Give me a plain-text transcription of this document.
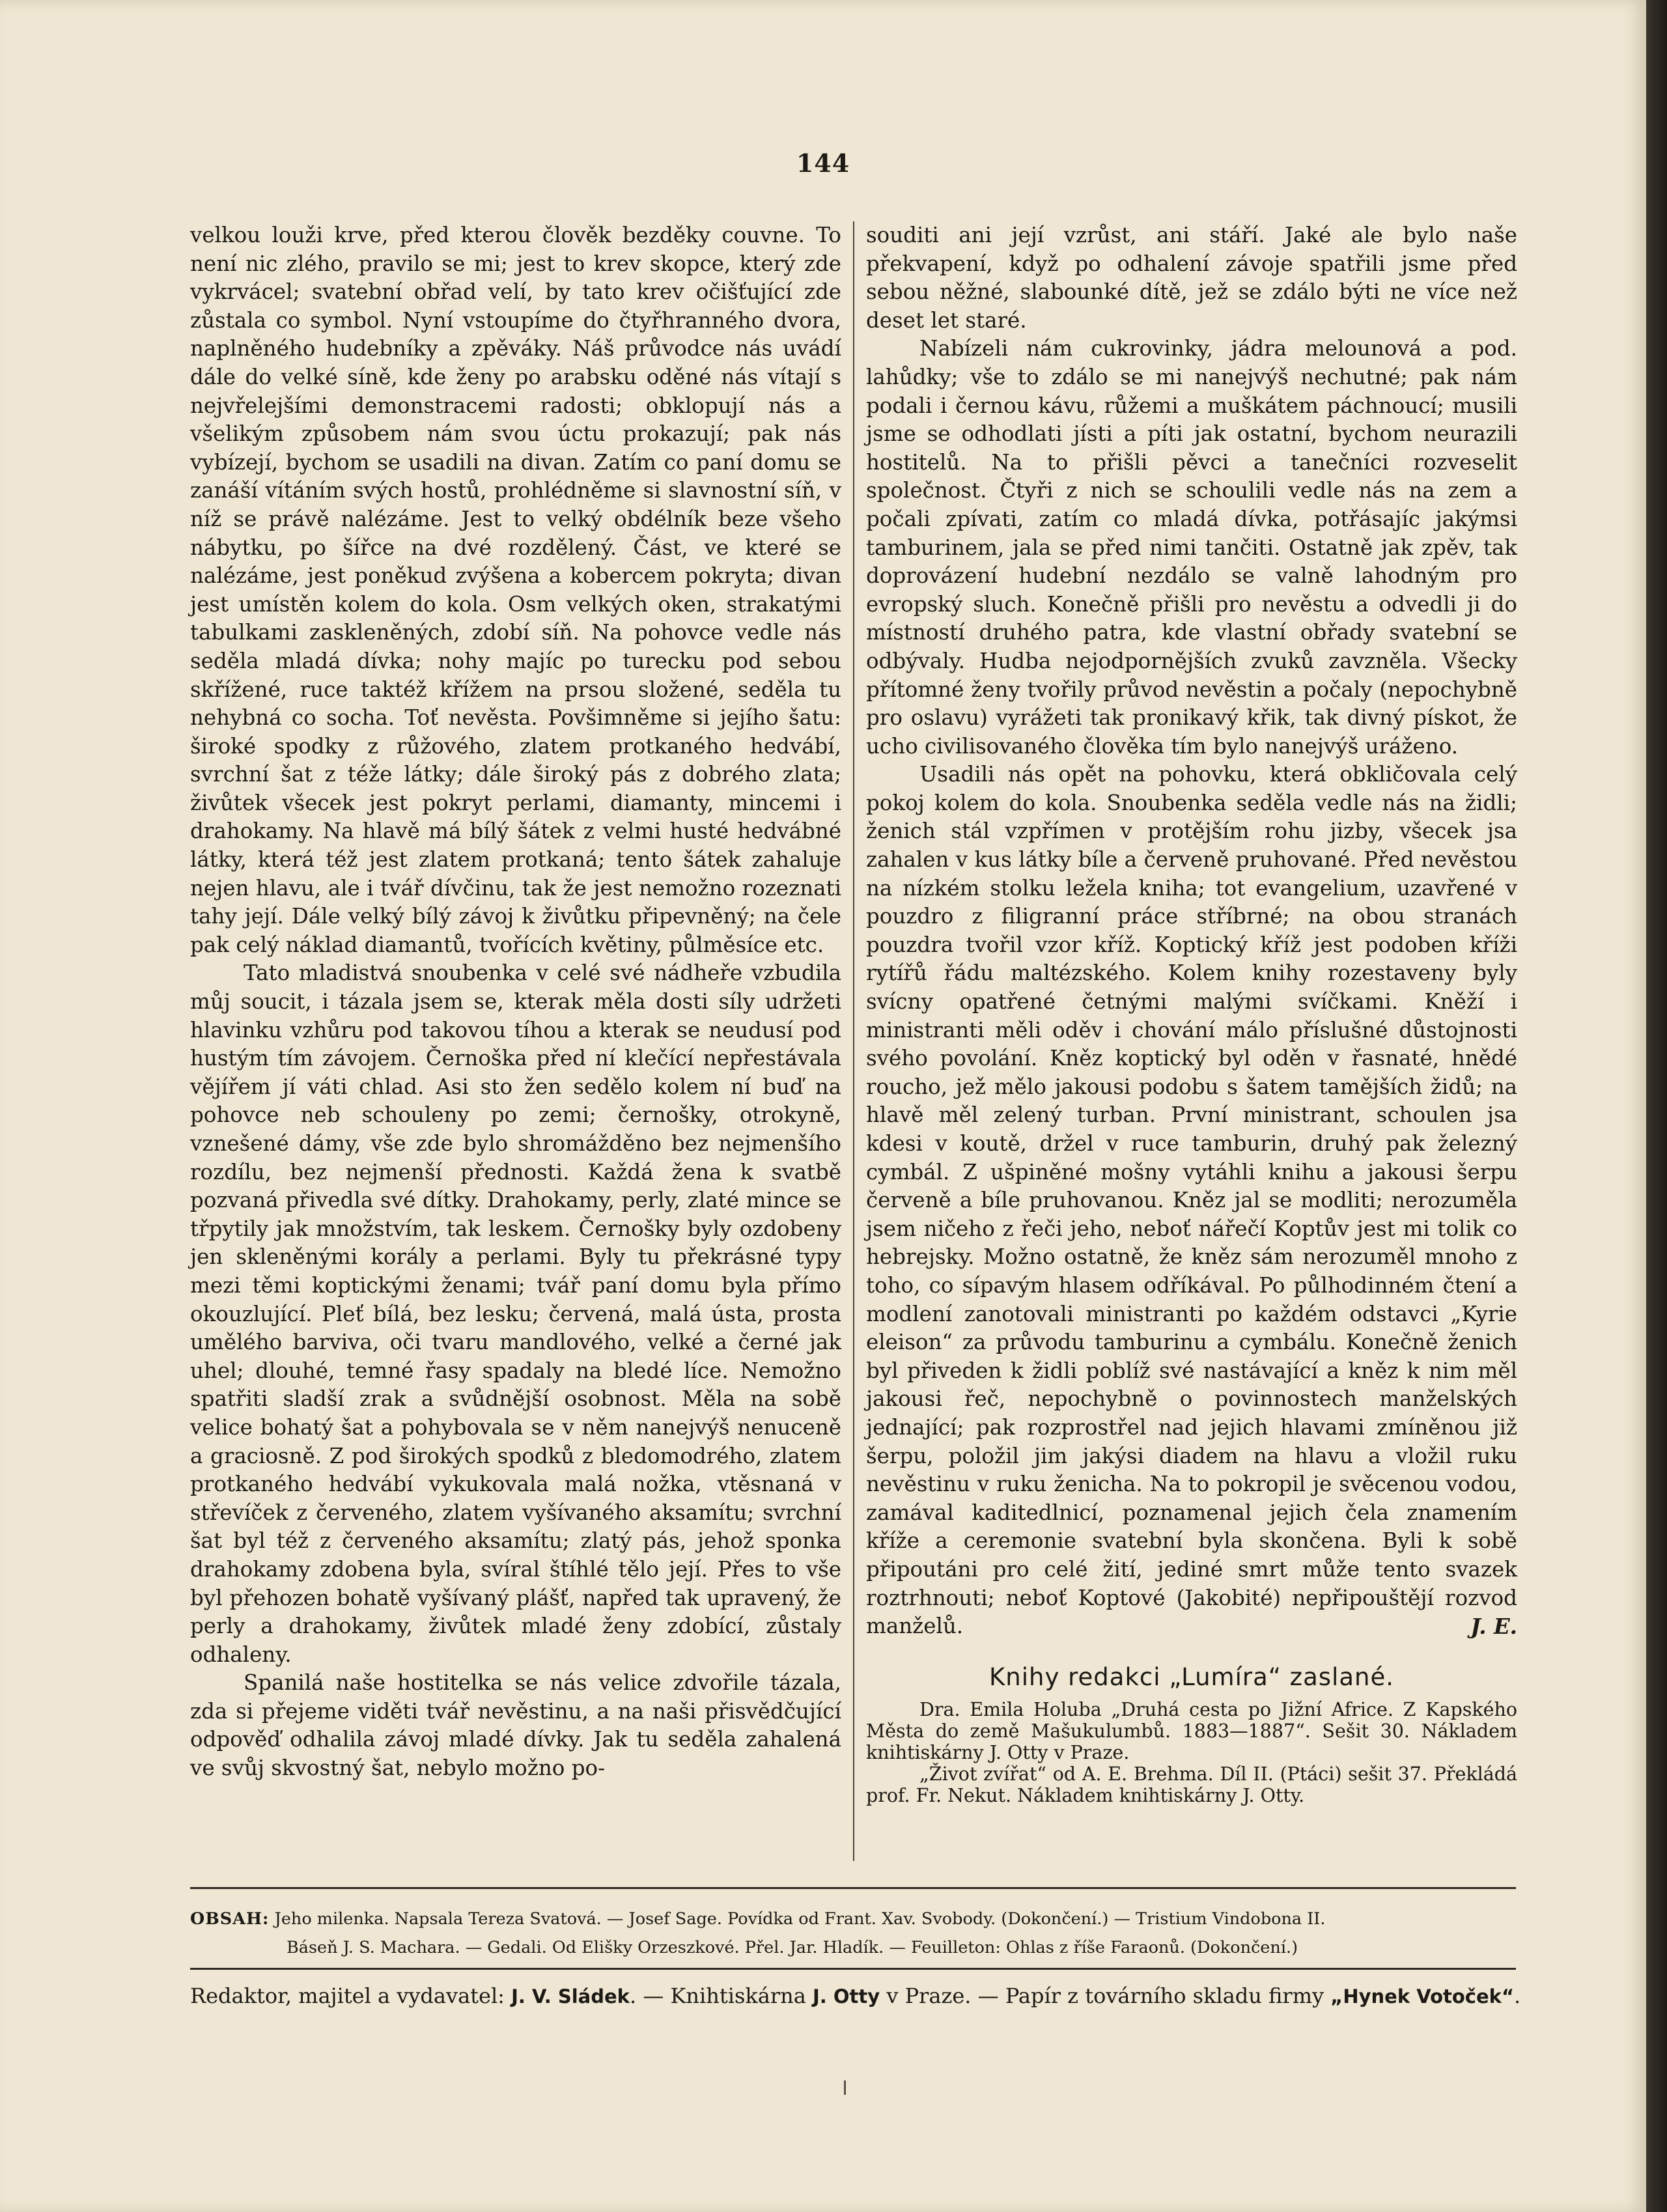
144

velkou louži krve, před kterou člověk bezděky couvne. To není nic zlého, pravilo se mi; jest to krev skopce, který zde vykrvácel; svatební obřad velí, by tato krev očišťující zde zůstala co symbol. Nyní vstoupíme do čtyřhranného dvora, naplněného hudebníky a zpěváky. Náš průvodce nás uvádí dále do velké síně, kde ženy po arabsku oděné nás vítají s nejvřelejšími demonstracemi radosti; obklopují nás a všelikým způsobem nám svou úctu prokazují; pak nás vybízejí, bychom se usadili na divan. Zatím co paní domu se zanáší vítáním svých hostů, prohlédněme si slavnostní síň, v níž se právě nalézáme. Jest to velký obdélník beze všeho nábytku, po šířce na dvé rozdělený. Část, ve které se nalézáme, jest poněkud zvýšena a kobercem pokryta; divan jest umístěn kolem do kola. Osm velkých oken, strakatými tabulkami zaskleněných, zdobí síň. Na pohovce vedle nás seděla mladá dívka; nohy majíc po turecku pod sebou skřížené, ruce taktéž křížem na prsou složené, seděla tu nehybná co socha. Toť nevěsta. Povšimněme si jejího šatu: široké spodky z růžového, zlatem protkaného hedvábí, svrchní šat z téže látky; dále široký pás z dobrého zlata; živůtek všecek jest pokryt perlami, diamanty, mincemi i drahokamy. Na hlavě má bílý šátek z velmi husté hedvábné látky, která též jest zlatem protkaná; tento šátek zahaluje nejen hlavu, ale i tvář dívčinu, tak že jest nemožno rozeznati tahy její. Dále velký bílý závoj k živůtku připevněný; na čele pak celý náklad diamantů, tvořících květiny, půlměsíce etc.

Tato mladistvá snoubenka v celé své nádheře vzbudila můj soucit, i tázala jsem se, kterak měla dosti síly udržeti hlavinku vzhůru pod takovou tíhou a kterak se neudusí pod hustým tím závojem. Černoška před ní klečící nepřestávala vějířem jí váti chlad. Asi sto žen sedělo kolem ní buď na pohovce neb schouleny po zemi; černošky, otrokyně, vznešené dámy, vše zde bylo shromážděno bez nejmenšího rozdílu, bez nejmenší přednosti. Každá žena k svatbě pozvaná přivedla své dítky. Drahokamy, perly, zlaté mince se třpytily jak množstvím, tak leskem. Černošky byly ozdobeny jen skleněnými korály a perlami. Byly tu překrásné typy mezi těmi koptickými ženami; tvář paní domu byla přímo okouzlující. Pleť bílá, bez lesku; červená, malá ústa, prosta umělého barviva, oči tvaru mandlového, velké a černé jak uhel; dlouhé, temné řasy spadaly na bledé líce. Nemožno spatřiti sladší zrak a svůdnější osobnost. Měla na sobě velice bohatý šat a pohybovala se v něm nanejvýš nenuceně a graciosně. Z pod širokých spodků z bledomodrého, zlatem protkaného hedvábí vykukovala malá nožka, vtěsnaná v střevíček z červeného, zlatem vyšívaného aksamítu; svrchní šat byl též z červeného aksamítu; zlatý pás, jehož sponka drahokamy zdobena byla, svíral štíhlé tělo její. Přes to vše byl přehozen bohatě vyšívaný plášť, napřed tak upravený, že perly a drahokamy, živůtek mladé ženy zdobící, zůstaly odhaleny.

Spanilá naše hostitelka se nás velice zdvořile tázala, zda si přejeme viděti tvář nevěstinu, a na naši přisvědčující odpověď odhalila závoj mladé dívky. Jak tu seděla zahalená ve svůj skvostný šat, nebylo možno po-

souditi ani její vzrůst, ani stáří. Jaké ale bylo naše překvapení, když po odhalení závoje spatřili jsme před sebou něžné, slabounké dítě, jež se zdálo býti ne více než deset let staré.

Nabízeli nám cukrovinky, jádra melounová a pod. lahůdky; vše to zdálo se mi nanejvýš nechutné; pak nám podali i černou kávu, růžemi a muškátem páchnoucí; musili jsme se odhodlati jísti a píti jak ostatní, bychom neurazili hostitelů. Na to přišli pěvci a tanečníci rozveselit společnost. Čtyři z nich se schoulili vedle nás na zem a počali zpívati, zatím co mladá dívka, potřásajíc jakýmsi tamburinem, jala se před nimi tančiti. Ostatně jak zpěv, tak doprovázení hudební nezdálo se valně lahodným pro evropský sluch. Konečně přišli pro nevěstu a odvedli ji do místností druhého patra, kde vlastní obřady svatební se odbývaly. Hudba nejodpornějších zvuků zavzněla. Všecky přítomné ženy tvořily průvod nevěstin a počaly (nepochybně pro oslavu) vyrážeti tak pronikavý křik, tak divný pískot, že ucho civilisovaného člověka tím bylo nanejvýš uráženo.

Usadili nás opět na pohovku, která obkličovala celý pokoj kolem do kola. Snoubenka seděla vedle nás na židli; ženich stál vzpřímen v protějším rohu jizby, všecek jsa zahalen v kus látky bíle a červeně pruhované. Před nevěstou na nízkém stolku ležela kniha; tot evangelium, uzavřené v pouzdro z filigranní práce stříbrné; na obou stranách pouzdra tvořil vzor kříž. Koptický kříž jest podoben kříži rytířů řádu maltézského. Kolem knihy rozestaveny byly svícny opatřené četnými malými svíčkami. Kněží i ministranti měli oděv i chování málo příslušné důstojnosti svého povolání. Kněz koptický byl oděn v řasnaté, hnědé roucho, jež mělo jakousi podobu s šatem tamějších židů; na hlavě měl zelený turban. První ministrant, schoulen jsa kdesi v koutě, držel v ruce tamburin, druhý pak železný cymbál. Z ušpiněné mošny vytáhli knihu a jakousi šerpu červeně a bíle pruhovanou. Kněz jal se modliti; nerozuměla jsem ničeho z řeči jeho, neboť nářečí Koptův jest mi tolik co hebrejsky. Možno ostatně, že kněz sám nerozuměl mnoho z toho, co sípavým hlasem odříkával. Po půlhodinném čtení a modlení zanotovali ministranti po každém odstavci „Kyrie eleison“ za průvodu tamburinu a cymbálu. Konečně ženich byl přiveden k židli poblíž své nastávající a kněz k nim měl jakousi řeč, nepochybně o povinnostech manželských jednající; pak rozprostřel nad jejich hlavami zmíněnou již šerpu, položil jim jakýsi diadem na hlavu a vložil ruku nevěstinu v ruku ženicha. Na to pokropil je svěcenou vodou, zamával kaditedlnicí, poznamenal jejich čela znamením kříže a ceremonie svatební byla skončena. Byli k sobě připoutáni pro celé žití, jediné smrt může tento svazek roztrhnouti; neboť Koptové (Jakobité) nepřipouštějí rozvod manželů.	J. E.

Knihy redakci „Lumíra“ zaslané.

Dra. Emila Holuba „Druhá cesta po Jižní Africe. Z Kapského Města do země Mašukulumbů. 1883—1887“. Sešit 30. Nákladem knihtiskárny J. Otty v Praze.

„Život zvířat“ od A. E. Brehma. Díl II. (Ptáci) sešit 37. Překládá prof. Fr. Nekut. Nákladem knihtiskárny J. Otty.

OBSAH: Jeho milenka. Napsala Tereza Svatová. — Josef Sage. Povídka od Frant. Xav. Svobody. (Dokončení.) — Tristium Vindobona II.
Báseň J. S. Machara. — Gedali. Od Elišky Orzeszkové. Přel. Jar. Hladík. — Feuilleton: Ohlas z říše Faraonů. (Dokončení.)
Redaktor, majitel a vydavatel: J. V. Sládek. — Knihtiskárna J. Otty v Praze. — Papír z továrního skladu firmy „Hynek Votoček“.
